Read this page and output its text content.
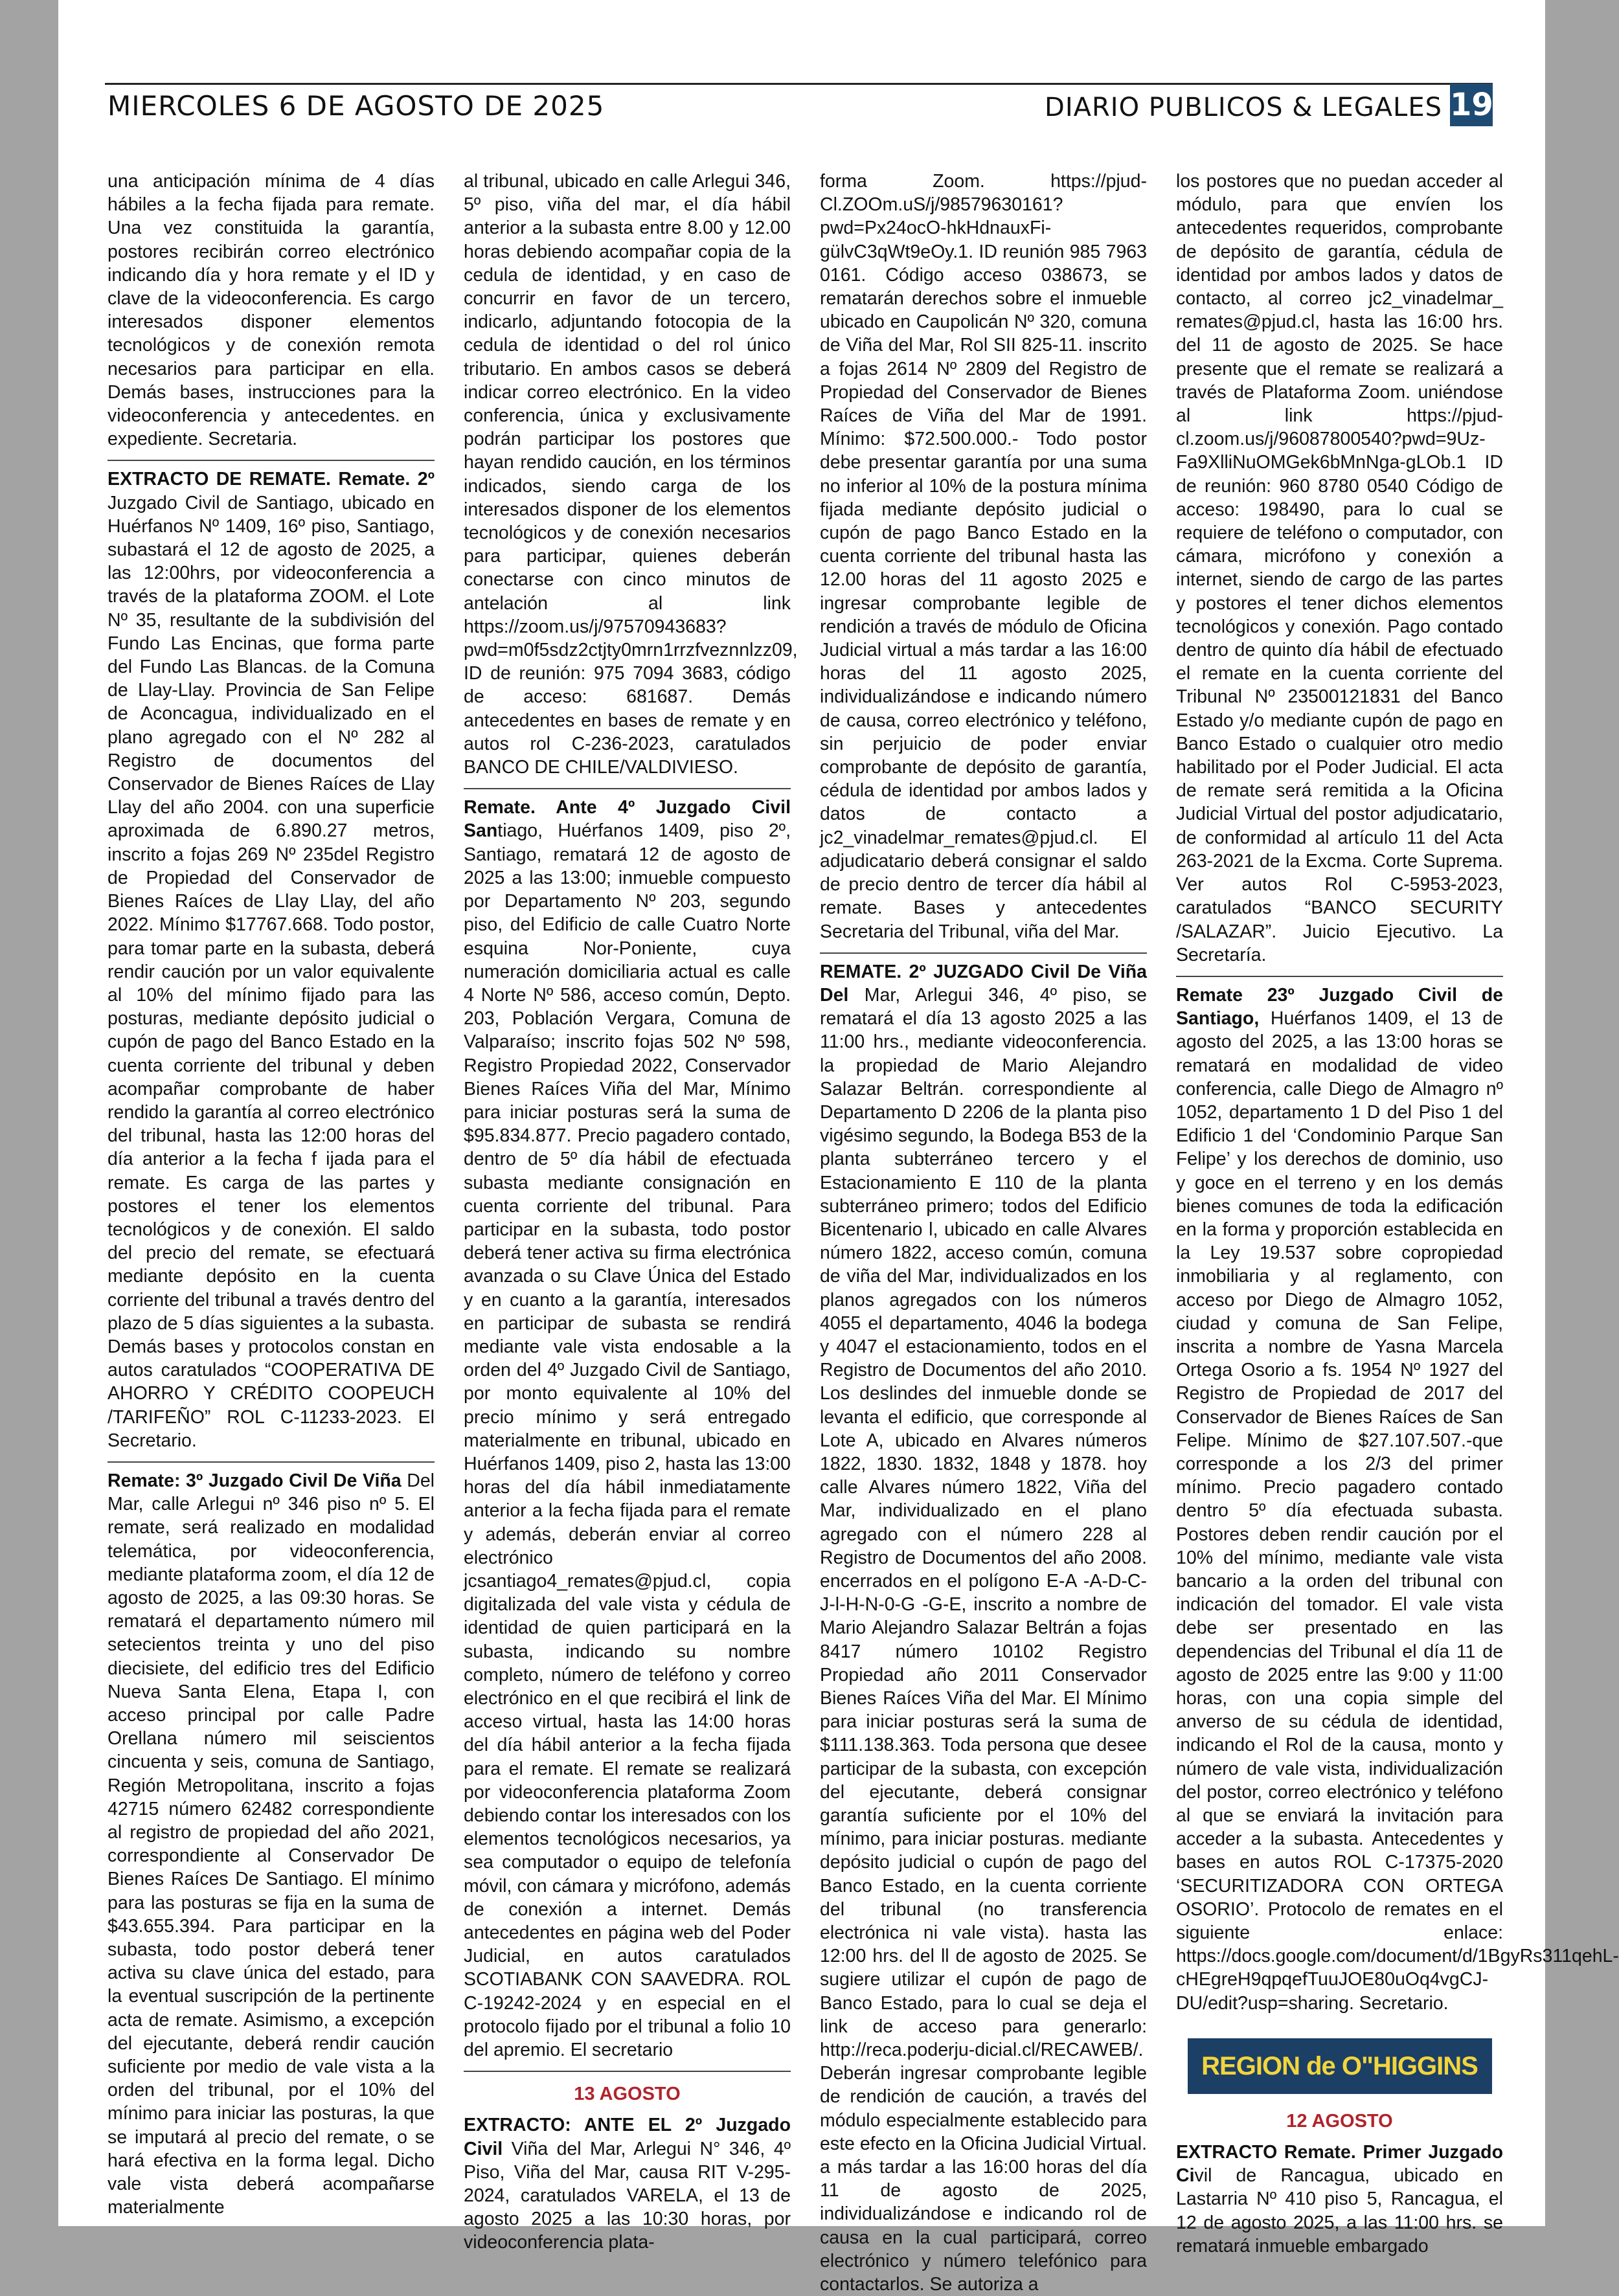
MIERCOLES 6 DE AGOSTO DE 2025	DIARIO PUBLICOS & LEGALES 19

una anticipación mínima de 4 días hábiles a la fecha fijada para remate. Una vez constituida la garantía, postores recibirán correo electrónico indicando día y hora remate y el ID y clave de la videoconferencia. Es cargo interesados disponer elementos tecnológicos y de conexión remota necesarios para participar en ella. Demás bases, instrucciones para la videoconferencia y antecedentes. en expediente. Secretaria.

EXTRACTO DE REMATE. Remate. 2º Juzgado Civil de Santiago, ubicado en Huérfanos Nº 1409, 16º piso, Santiago, subastará el 12 de agosto de 2025, a las 12:00hrs, por videoconferencia a través de la plataforma ZOOM. el Lote Nº 35, resultante de la subdivisión del Fundo Las Encinas, que forma parte del Fundo Las Blancas. de la Comuna de Llay-Llay. Provincia de San Felipe de Aconcagua, individualizado en el plano agregado con el Nº 282 al Registro de documentos del Conservador de Bienes Raíces de Llay Llay del año 2004. con una superficie aproximada de 6.890.27 metros, inscrito a fojas 269 Nº 235del Registro de Propiedad del Conservador de Bienes Raíces de Llay Llay, del año 2022. Mínimo $17767.668. Todo postor, para tomar parte en la subasta, deberá rendir caución por un valor equivalente al 10% del mínimo fijado para las posturas, mediante depósito judicial o cupón de pago del Banco Estado en la cuenta corriente del tribunal y deben acompañar comprobante de haber rendido la garantía al correo electrónico del tribunal, hasta las 12:00 horas del día anterior a la fecha f ijada para el remate. Es carga de las partes y postores el tener los elementos tecnológicos y de conexión. El saldo del precio del remate, se efectuará mediante depósito en la cuenta corriente del tribunal a través dentro del plazo de 5 días siguientes a la subasta. Demás bases y protocolos constan en autos caratulados “COOPERATIVA DE AHORRO Y CRÉDITO COOPEUCH /TARIFEÑO” ROL C-11233-2023. El Secretario.

Remate: 3º Juzgado Civil De Viña Del Mar, calle Arlegui nº 346 piso nº 5. El remate, será realizado en modalidad telemática, por videoconferencia, mediante plataforma zoom, el día 12 de agosto de 2025, a las 09:30 horas. Se rematará el departamento número mil setecientos treinta y uno del piso diecisiete, del edificio tres del Edificio Nueva Santa Elena, Etapa I, con acceso principal por calle Padre Orellana número mil seiscientos cincuenta y seis, comuna de Santiago, Región Metropolitana, inscrito a fojas 42715 número 62482 correspondiente al registro de propiedad del año 2021, correspondiente al Conservador De Bienes Raíces De Santiago. El mínimo para las posturas se fija en la suma de $43.655.394. Para participar en la subasta, todo postor deberá tener activa su clave única del estado, para la eventual suscripción de la pertinente acta de remate. Asimismo, a excepción del ejecutante, deberá rendir caución suficiente por medio de vale vista a la orden del tribunal, por el 10% del mínimo para iniciar las posturas, la que se imputará al precio del remate, o se hará efectiva en la forma legal. Dicho vale vista deberá acompañarse materialmente

al tribunal, ubicado en calle Arlegui 346, 5º piso, viña del mar, el día hábil anterior a la subasta entre 8.00 y 12.00 horas debiendo acompañar copia de la cedula de identidad, y en caso de concurrir en favor de un tercero, indicarlo, adjuntando fotocopia de la cedula de identidad o del rol único tributario. En ambos casos se deberá indicar correo electrónico. En la video conferencia, única y exclusivamente podrán participar los postores que hayan rendido caución, en los términos indicados, siendo carga de los interesados disponer de los elementos tecnológicos y de conexión necesarios para participar, quienes deberán conectarse con cinco minutos de antelación al link https://zoom.us/j/97570943683?pwd=m0f5sdz2ctjty0mrn1rrzfveznnlzz09, ID de reunión: 975 7094 3683, código de acceso: 681687. Demás antecedentes en bases de remate y en autos rol C-236-2023, caratulados BANCO DE CHILE/VALDIVIESO.

Remate. Ante 4º Juzgado Civil Santiago, Huérfanos 1409, piso 2º, Santiago, rematará 12 de agosto de 2025 a las 13:00; inmueble compuesto por Departamento Nº 203, segundo piso, del Edificio de calle Cuatro Norte esquina Nor-Poniente, cuya numeración domiciliaria actual es calle 4 Norte Nº 586, acceso común, Depto. 203, Población Vergara, Comuna de Valparaíso; inscrito fojas 502 Nº 598, Registro Propiedad 2022, Conservador Bienes Raíces Viña del Mar, Mínimo para iniciar posturas será la suma de $95.834.877. Precio pagadero contado, dentro de 5º día hábil de efectuada subasta mediante consignación en cuenta corriente del tribunal. Para participar en la subasta, todo postor deberá tener activa su firma electrónica avanzada o su Clave Única del Estado y en cuanto a la garantía, interesados en participar de subasta se rendirá mediante vale vista endosable a la orden del 4º Juzgado Civil de Santiago, por monto equivalente al 10% del precio mínimo y será entregado materialmente en tribunal, ubicado en Huérfanos 1409, piso 2, hasta las 13:00 horas del día hábil inmediatamente anterior a la fecha fijada para el remate y además, deberán enviar al correo electrónico jcsantiago4_remates@pjud.cl, copia digitalizada del vale vista y cédula de identidad de quien participará en la subasta, indicando su nombre completo, número de teléfono y correo electrónico en el que recibirá el link de acceso virtual, hasta las 14:00 horas del día hábil anterior a la fecha fijada para el remate. El remate se realizará por videoconferencia plataforma Zoom debiendo contar los interesados con los elementos tecnológicos necesarios, ya sea computador o equipo de telefonía móvil, con cámara y micrófono, además de conexión a internet. Demás antecedentes en página web del Poder Judicial, en autos caratulados SCOTIABANK CON SAAVEDRA. ROL C-19242-2024 y en especial en el protocolo fijado por el tribunal a folio 10 del apremio. El secretario

13 AGOSTO

EXTRACTO: ANTE EL 2º Juzgado Civil Viña del Mar, Arlegui N° 346, 4º Piso, Viña del Mar, causa RIT V-295-2024, caratulados VARELA, el 13 de agosto 2025 a las 10:30 horas, por videoconferencia plata-

forma Zoom. https://pjud-Cl.ZOOm.uS/j/98579630161?pwd=Px24ocO-hkHdnauxFi-gülvC3qWt9eOy.1. ID reunión 985 7963 0161. Código acceso 038673, se rematarán derechos sobre el inmueble ubicado en Caupolicán Nº 320, comuna de Viña del Mar, Rol SII 825-11. inscrito a fojas 2614 Nº 2809 del Registro de Propiedad del Conservador de Bienes Raíces de Viña del Mar de 1991. Mínimo: $72.500.000.- Todo postor debe presentar garantía por una suma no inferior al 10% de la postura mínima fijada mediante depósito judicial o cupón de pago Banco Estado en la cuenta corriente del tribunal hasta las 12.00 horas del 11 agosto 2025 e ingresar comprobante legible de rendición a través de módulo de Oficina Judicial virtual a más tardar a las 16:00 horas del 11 agosto 2025, individualizándose e indicando número de causa, correo electrónico y teléfono, sin perjuicio de poder enviar comprobante de depósito de garantía, cédula de identidad por ambos lados y datos de contacto a jc2_vinadelmar_remates@pjud.cl. El adjudicatario deberá consignar el saldo de precio dentro de tercer día hábil al remate. Bases y antecedentes Secretaria del Tribunal, viña del Mar.

REMATE. 2º JUZGADO Civil De Viña Del Mar, Arlegui 346, 4º piso, se rematará el día 13 agosto 2025 a las 11:00 hrs., mediante videoconferencia. la propiedad de Mario Alejandro Salazar Beltrán. correspondiente al Departamento D 2206 de la planta piso vigésimo segundo, la Bodega B53 de la planta subterráneo tercero y el Estacionamiento E 110 de la planta subterráneo primero; todos del Edificio Bicentenario l, ubicado en calle Alvares número 1822, acceso común, comuna de viña del Mar, individualizados en los planos agregados con los números 4055 el departamento, 4046 la bodega y 4047 el estacionamiento, todos en el Registro de Documentos del año 2010. Los deslindes del inmueble donde se levanta el edificio, que corresponde al Lote A, ubicado en Alvares números 1822, 1830. 1832, 1848 y 1878. hoy calle Alvares número 1822, Viña del Mar, individualizado en el plano agregado con el número 228 al Registro de Documentos del año 2008. encerrados en el polígono E-A -A-D-C-J-l-H-N-0-G -G-E, inscrito a nombre de Mario Alejandro Salazar Beltrán a fojas 8417 número 10102 Registro Propiedad año 2011 Conservador Bienes Raíces Viña del Mar. El Mínimo para iniciar posturas será la suma de $111.138.363. Toda persona que desee participar de la subasta, con excepción del ejecutante, deberá consignar garantía suficiente por el 10% del mínimo, para iniciar posturas. mediante depósito judicial o cupón de pago del Banco Estado, en la cuenta corriente del tribunal (no transferencia electrónica ni vale vista). hasta las 12:00 hrs. del ll de agosto de 2025. Se sugiere utilizar el cupón de pago de Banco Estado, para lo cual se deja el link de acceso para generarlo: http://reca.poderju-dicial.cl/RECAWEB/. Deberán ingresar comprobante legible de rendición de caución, a través del módulo especialmente establecido para este efecto en la Oficina Judicial Virtual. a más tardar a las 16:00 horas del día 11 de agosto de 2025, individualizándose e indicando rol de causa en la cual participará, correo electrónico y número telefónico para contactarlos. Se autoriza a

los postores que no puedan acceder al módulo, para que envíen los antecedentes requeridos, comprobante de depósito de garantía, cédula de identidad por ambos lados y datos de contacto, al correo jc2_vinadelmar_ remates@pjud.cl, hasta las 16:00 hrs. del 11 de agosto de 2025. Se hace presente que el remate se realizará a través de Plataforma Zoom. uniéndose al link https://pjud-cl.zoom.us/j/96087800540?pwd=9Uz-Fa9XlliNuOMGek6bMnNga-gLOb.1 ID de reunión: 960 8780 0540 Código de acceso: 198490, para lo cual se requiere de teléfono o computador, con cámara, micrófono y conexión a internet, siendo de cargo de las partes y postores el tener dichos elementos tecnológicos y conexión. Pago contado dentro de quinto día hábil de efectuado el remate en la cuenta corriente del Tribunal Nº 23500121831 del Banco Estado y/o mediante cupón de pago en Banco Estado o cualquier otro medio habilitado por el Poder Judicial. El acta de remate será remitida a la Oficina Judicial Virtual del postor adjudicatario, de conformidad al artículo 11 del Acta 263-2021 de la Excma. Corte Suprema. Ver autos Rol C-5953-2023, caratulados “BANCO SECURITY /SALAZAR”. Juicio Ejecutivo. La Secretaría.

Remate 23º Juzgado Civil de Santiago, Huérfanos 1409, el 13 de agosto del 2025, a las 13:00 horas se rematará en modalidad de video conferencia, calle Diego de Almagro nº 1052, departamento 1 D del Piso 1 del Edificio 1 del ‘Condominio Parque San Felipe’ y los derechos de dominio, uso y goce en el terreno y en los demás bienes comunes de toda la edificación en la forma y proporción establecida en la Ley 19.537 sobre copropiedad inmobiliaria y al reglamento, con acceso por Diego de Almagro 1052, ciudad y comuna de San Felipe, inscrita a nombre de Yasna Marcela Ortega Osorio a fs. 1954 Nº 1927 del Registro de Propiedad de 2017 del Conservador de Bienes Raíces de San Felipe. Mínimo de $27.107.507.-que corresponde a los 2/3 del primer mínimo. Precio pagadero contado dentro 5º día efectuada subasta. Postores deben rendir caución por el 10% del mínimo, mediante vale vista bancario a la orden del tribunal con indicación del tomador. El vale vista debe ser presentado en las dependencias del Tribunal el día 11 de agosto de 2025 entre las 9:00 y 11:00 horas, con una copia simple del anverso de su cédula de identidad, indicando el Rol de la causa, monto y número de vale vista, individualización del postor, correo electrónico y teléfono al que se enviará la invitación para acceder a la subasta. Antecedentes y bases en autos ROL C-17375-2020 ‘SECURITIZADORA CON ORTEGA OSORIO’. Protocolo de remates en el siguiente enlace: https://docs.google.com/document/d/1BgyRs311qehL-cHEgreH9qpqefTuuJOE80uOq4vgCJ-DU/edit?usp=sharing. Secretario.

REGION de O"HIGGINS
12 AGOSTO

EXTRACTO Remate. Primer Juzgado Civil de Rancagua, ubicado en Lastarria Nº 410 piso 5, Rancagua, el 12 de agosto 2025, a las 11:00 hrs. se rematará inmueble embargado
